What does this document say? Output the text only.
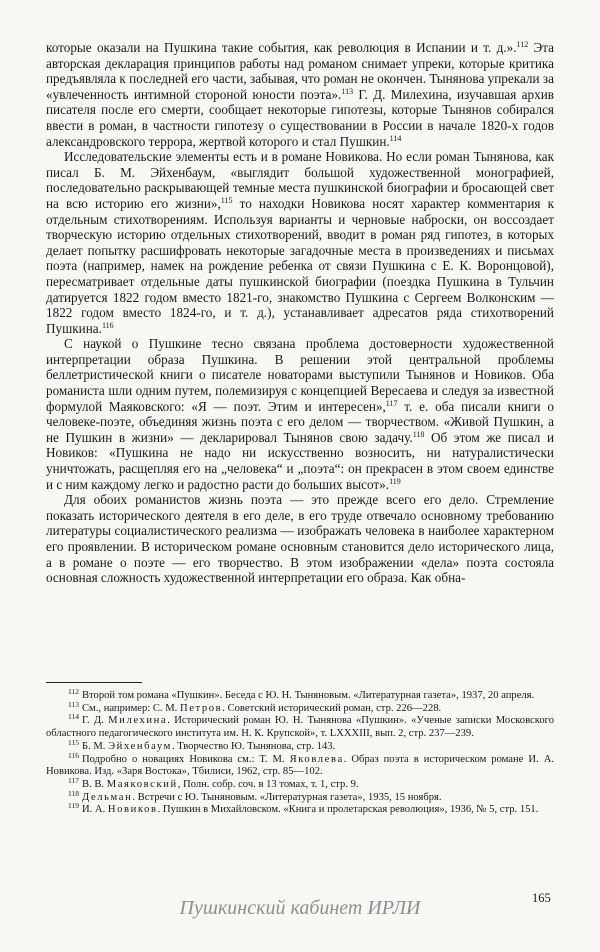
которые оказали на Пушкина такие события, как революция в Испании и т. д.».$^{112}$ Эта авторская декларация принципов работы над романом снимает упреки, которые критика предъявляла к последней его части, забывая, что роман не окончен. Тынянова упрекали за «увлеченность интимной стороной юности поэта».$^{113}$ Г. Д. Милехина, изучавшая архив писателя после его смерти, сообщает некоторые гипотезы, которые Тынянов собирался ввести в роман, в частности гипотезу о существовании в России в начале 1820-х годов александровского террора, жертвой которого и стал Пушкин.$^{114}$

Исследовательские элементы есть и в романе Новикова. Но если роман Тынянова, как писал Б. М. Эйхенбаум, «выглядит большой художественной монографией, последовательно раскрывающей темные места пушкинской биографии и бросающей свет на всю историю его жизни»,$^{115}$ то находки Новикова носят характер комментария к отдельным стихотворениям. Используя варианты и черновые наброски, он воссоздает творческую историю отдельных стихотворений, вводит в роман ряд гипотез, в которых делает попытку расшифровать некоторые загадочные места в произведениях и письмах поэта (например, намек на рождение ребенка от связи Пушкина с Е. К. Воронцовой), пересматривает отдельные даты пушкинской биографии (поездка Пушкина в Тульчин датируется 1822 годом вместо 1821-го, знакомство Пушкина с Сергеем Волконским — 1822 годом вместо 1824-го, и т. д.), устанавливает адресатов ряда стихотворений Пушкина.$^{116}$

С наукой о Пушкине тесно связана проблема достоверности художественной интерпретации образа Пушкина. В решении этой центральной проблемы беллетристической книги о писателе новаторами выступили Тынянов и Новиков. Оба романиста шли одним путем, полемизируя с концепцией Вересаева и следуя за известной формулой Маяковского: «Я — поэт. Этим и интересен»,$^{117}$ т. е. оба писали книги о человеке-поэте, объединяя жизнь поэта с его делом — творчеством. «Живой Пушкин, а не Пушкин в жизни» — декларировал Тынянов свою задачу.$^{118}$ Об этом же писал и Новиков: «Пушкина не надо ни искусственно возносить, ни натуралистически уничтожать, расщепляя его на „человека“ и „поэта“: он прекрасен в этом своем единстве и с ним каждому легко и радостно расти до больших высот».$^{119}$

Для обоих романистов жизнь поэта — это прежде всего его дело. Стремление показать исторического деятеля в его деле, в его труде отвечало основному требованию литературы социалистического реализма — изображать человека в наиболее характерном его проявлении. В историческом романе основным становится дело исторического лица, а в романе о поэте — его творчество. В этом изображении «дела» поэта состояла основная сложность художественной интерпретации его образа. Как обна-

$^{112}$ Второй том романа «Пушкин». Беседа с Ю. Н. Тыняновым. «Литературная газета», 1937, 20 апреля.

$^{113}$ См., например: С. М. Петров. Советский исторический роман, стр. 226—228.

$^{114}$ Г. Д. Милехина. Исторический роман Ю. Н. Тынянова «Пушкин». «Ученые записки Московского областного педагогического института им. Н. К. Крупской», т. LXXXIII, вып. 2, стр. 237—239.

$^{115}$ Б. М. Эйхенбаум. Творчество Ю. Тынянова, стр. 143.

$^{116}$ Подробно о новациях Новикова см.: Т. М. Яковлева. Образ поэта в историческом романе И. А. Новикова. Изд. «Заря Востока», Тбилиси, 1962, стр. 85—102.

$^{117}$ В. В. Маяковский, Полн. собр. соч. в 13 томах, т. 1, стр. 9.

$^{118}$ Дельман. Встречи с Ю. Тыняновым. «Литературная газета», 1935, 15 ноября.

$^{119}$ И. А. Новиков. Пушкин в Михайловском. «Книга и пролетарская революция», 1936, № 5, стр. 151.

165
Пушкинский кабинет ИРЛИ
